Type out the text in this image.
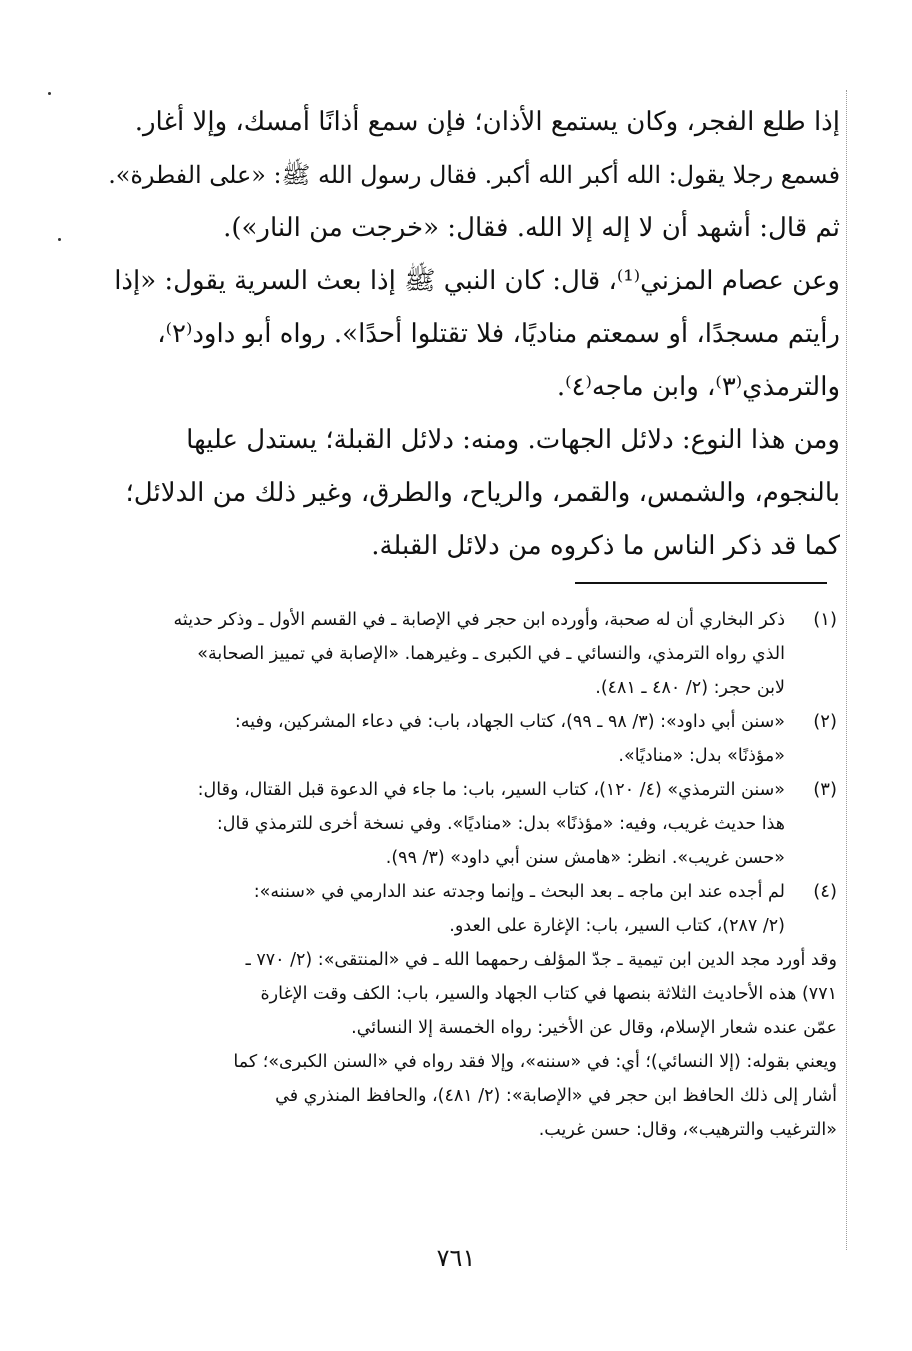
إذا طلع الفجر، وكان يستمع الأذان؛ فإن سمع أذانًا أمسك، وإلا أغار.
فسمع رجلا يقول: الله أكبر الله أكبر. فقال رسول الله ﷺ: «على الفطرة».
ثم قال: أشهد أن لا إله إلا الله. فقال: «خرجت من النار»).
وعن عصام المزني⁽¹⁾، قال: كان النبي ﷺ إذا بعث السرية يقول: «إذا
رأيتم مسجدًا، أو سمعتم مناديًا، فلا تقتلوا أحدًا». رواه أبو داود⁽٢⁾،
والترمذي⁽٣⁾، وابن ماجه⁽٤⁾.
ومن هذا النوع: دلائل الجهات. ومنه: دلائل القبلة؛ يستدل عليها
بالنجوم، والشمس، والقمر، والرياح، والطرق، وغير ذلك من الدلائل؛
كما قد ذكر الناس ما ذكروه من دلائل القبلة.
(١)
ذكر البخاري أن له صحبة، وأورده ابن حجر في الإصابة ـ في القسم الأول ـ وذكر حديثه
الذي رواه الترمذي، والنسائي ـ في الكبرى ـ وغيرهما. «الإصابة في تمييز الصحابة»
لابن حجر: (٢/ ٤٨٠ ـ ٤٨١).
(٢)
«سنن أبي داود»: (٣/ ٩٨ ـ ٩٩)، كتاب الجهاد، باب: في دعاء المشركين، وفيه:
«مؤذنًا» بدل: «مناديًا».
(٣)
«سنن الترمذي» (٤/ ١٢٠)، كتاب السير، باب: ما جاء في الدعوة قبل القتال، وقال:
هذا حديث غريب، وفيه: «مؤذنًا» بدل: «مناديًا». وفي نسخة أخرى للترمذي قال:
«حسن غريب». انظر: «هامش سنن أبي داود» (٣/ ٩٩).
(٤)
لم أجده عند ابن ماجه ـ بعد البحث ـ وإنما وجدته عند الدارمي في «سننه»:
(٢/ ٢٨٧)، كتاب السير، باب: الإغارة على العدو.
وقد أورد مجد الدين ابن تيمية ـ جدّ المؤلف رحمهما الله ـ في «المنتقى»: (٢/ ٧٧٠ ـ
٧٧١) هذه الأحاديث الثلاثة بنصها في كتاب الجهاد والسير، باب: الكف وقت الإغارة
عمّن عنده شعار الإسلام، وقال عن الأخير: رواه الخمسة إلا النسائي.
ويعني بقوله: (إلا النسائي)؛ أي: في «سننه»، وإلا فقد رواه في «السنن الكبرى»؛ كما
أشار إلى ذلك الحافظ ابن حجر في «الإصابة»: (٢/ ٤٨١)، والحافظ المنذري في
«الترغيب والترهيب»، وقال: حسن غريب.
٧٦١
